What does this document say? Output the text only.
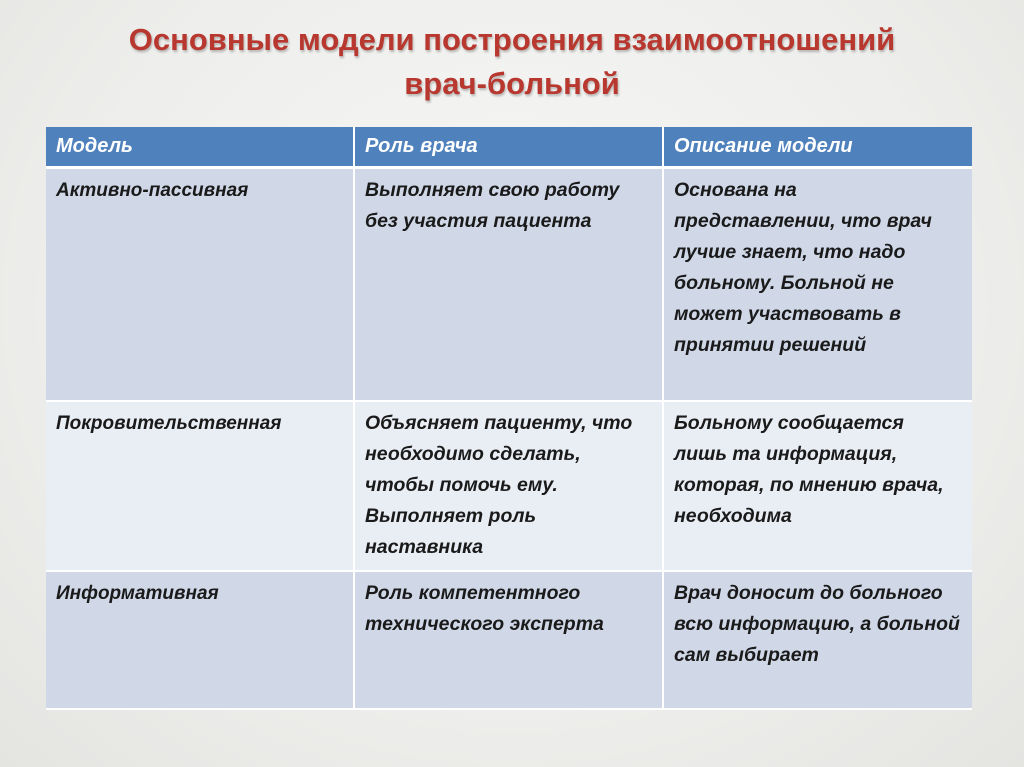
Основные модели построения взаимоотношений
врач-больной
Модель	Роль врача	Описание модели
Активно-пассивная	Выполняет свою работу без участия пациента	Основана на представлении, что врач лучше знает, что надо больному. Больной не может участвовать в принятии решений
Покровительственная	Объясняет пациенту, что необходимо сделать, чтобы помочь ему. Выполняет роль наставника	Больному сообщается лишь та информация, которая, по мнению врача, необходима
Информативная	Роль компетентного технического эксперта	Врач доносит до больного всю информацию, а больной сам выбирает
